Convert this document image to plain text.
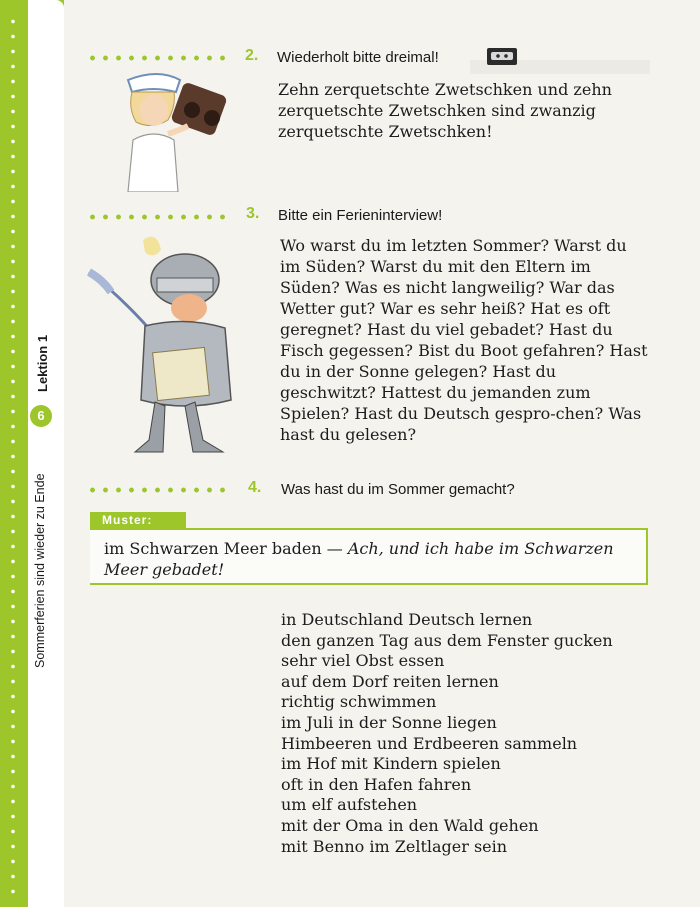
Lektion 1
6
Sommerferien sind wieder zu Ende
2. Wiederholt bitte dreimal!
Zehn zerquetschte Zwetschken und zehn zerquetschte Zwetschken sind zwanzig zerquetschte Zwetschken!
3. Bitte ein Ferieninterview!
Wo warst du im letzten Sommer? Warst du im Süden? Warst du mit den Eltern im Süden? Was es nicht langweilig? War das Wetter gut? War es sehr heiß? Hat es oft geregnet? Hast du viel gebadet? Hast du Fisch gegessen? Bist du Boot gefahren? Hast du in der Sonne gelegen? Hast du geschwitzt? Hattest du jemanden zum Spielen? Hast du Deutsch gespro-chen? Was hast du gelesen?
4. Was hast du im Sommer gemacht?
Muster:
im Schwarzen Meer baden — Ach, und ich habe im Schwarzen Meer gebadet!
in Deutschland Deutsch lernen
den ganzen Tag aus dem Fenster gucken
sehr viel Obst essen
auf dem Dorf reiten lernen
richtig schwimmen
im Juli in der Sonne liegen
Himbeeren und Erdbeeren sammeln
im Hof mit Kindern spielen
oft in den Hafen fahren
um elf aufstehen
mit der Oma in den Wald gehen
mit Benno im Zeltlager sein
